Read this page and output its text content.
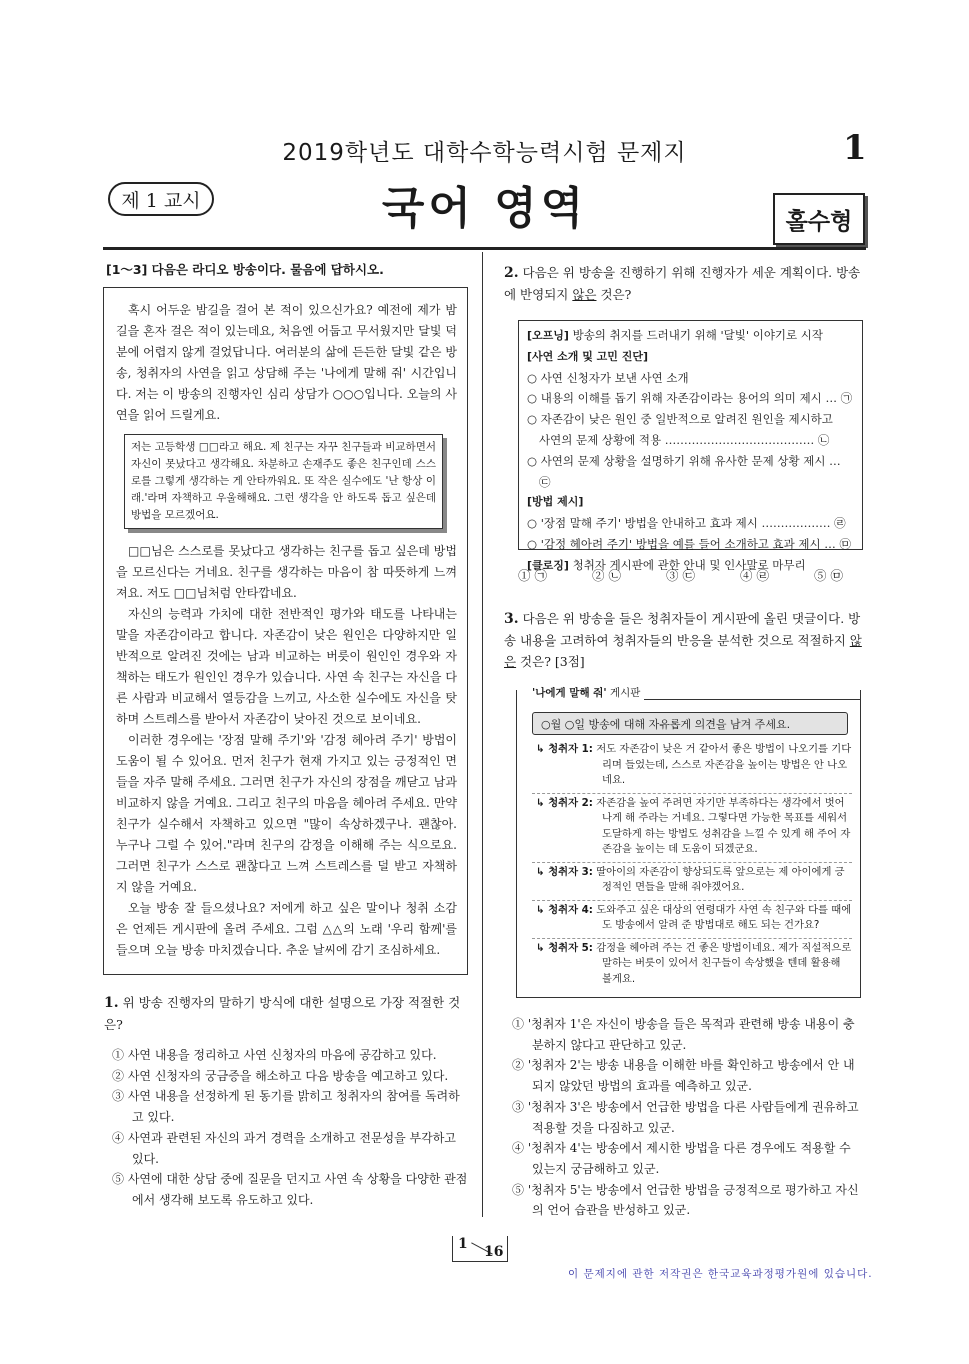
2019학년도 대학수학능력시험 문제지	1
제 1 교시	국어 영역	홀수형
[1～3] 다음은 라디오 방송이다. 물음에 답하시오.

혹시 어두운 밤길을 걸어 본 적이 있으신가요? 예전에 제가 밤길을 혼자 걸은 적이 있는데요, 처음엔 어둡고 무서웠지만 달빛 덕분에 어렵지 않게 걸었답니다. 여러분의 삶에 든든한 달빛 같은 방송, 청취자의 사연을 읽고 상담해 주는 '나에게 말해 줘' 시간입니다. 저는 이 방송의 진행자인 심리 상담가 ○○○입니다. 오늘의 사연을 읽어 드릴게요.

저는 고등학생 □□라고 해요. 제 친구는 자꾸 친구들과 비교하면서 자신이 못났다고 생각해요. 차분하고 손재주도 좋은 친구인데 스스로를 그렇게 생각하는 게 안타까워요. 또 작은 실수에도 '난 항상 이래.'라며 자책하고 우울해해요. 그런 생각을 안 하도록 돕고 싶은데 방법을 모르겠어요.

□□님은 스스로를 못났다고 생각하는 친구를 돕고 싶은데 방법을 모르신다는 거네요. 친구를 생각하는 마음이 참 따뜻하게 느껴져요. 저도 □□님처럼 안타깝네요.

자신의 능력과 가치에 대한 전반적인 평가와 태도를 나타내는 말을 자존감이라고 합니다. 자존감이 낮은 원인은 다양하지만 일반적으로 알려진 것에는 남과 비교하는 버릇이 원인인 경우와 자책하는 태도가 원인인 경우가 있습니다. 사연 속 친구는 자신을 다른 사람과 비교해서 열등감을 느끼고, 사소한 실수에도 자신을 탓하며 스트레스를 받아서 자존감이 낮아진 것으로 보이네요.

이러한 경우에는 '장점 말해 주기'와 '감정 헤아려 주기' 방법이 도움이 될 수 있어요. 먼저 친구가 현재 가지고 있는 긍정적인 면들을 자주 말해 주세요. 그러면 친구가 자신의 장점을 깨닫고 남과 비교하지 않을 거예요. 그리고 친구의 마음을 헤아려 주세요. 만약 친구가 실수해서 자책하고 있으면 "많이 속상하겠구나. 괜찮아. 누구나 그럴 수 있어."라며 친구의 감정을 이해해 주는 식으로요. 그러면 친구가 스스로 괜찮다고 느껴 스트레스를 덜 받고 자책하지 않을 거예요.

오늘 방송 잘 들으셨나요? 저에게 하고 싶은 말이나 청취 소감은 언제든 게시판에 올려 주세요. 그럼 △△의 노래 '우리 함께'를 들으며 오늘 방송 마치겠습니다. 추운 날씨에 감기 조심하세요.

1. 위 방송 진행자의 말하기 방식에 대한 설명으로 가장 적절한 것은?
① 사연 내용을 정리하고 사연 신청자의 마음에 공감하고 있다.
② 사연 신청자의 궁금증을 해소하고 다음 방송을 예고하고 있다.
③ 사연 내용을 선정하게 된 동기를 밝히고 청취자의 참여를 독려하고 있다.
④ 사연과 관련된 자신의 과거 경력을 소개하고 전문성을 부각하고 있다.
⑤ 사연에 대한 상담 중에 질문을 던지고 사연 속 상황을 다양한 관점에서 생각해 보도록 유도하고 있다.
2. 다음은 위 방송을 진행하기 위해 진행자가 세운 계획이다. 방송에 반영되지 않은 것은?
[오프닝] 방송의 취지를 드러내기 위해 '달빛' 이야기로 시작
[사연 소개 및 고민 진단]
○ 사연 신청자가 보낸 사연 소개
○ 내용의 이해를 돕기 위해 자존감이라는 용어의 의미 제시 … ㉠
○ 자존감이 낮은 원인 중 일반적으로 알려진 원인을 제시하고
사연의 문제 상황에 적용 ………………………………… ㉡
○ 사연의 문제 상황을 설명하기 위해 유사한 문제 상황 제시 … ㉢
[방법 제시]
○ '장점 말해 주기' 방법을 안내하고 효과 제시 ……………… ㉣
○ '감정 헤아려 주기' 방법을 예를 들어 소개하고 효과 제시 … ㉤
[클로징] 청취자 게시판에 관한 안내 및 인사말로 마무리
① ㉠	② ㉡	③ ㉢	④ ㉣	⑤ ㉤
3. 다음은 위 방송을 들은 청취자들이 게시판에 올린 댓글이다. 방송 내용을 고려하여 청취자들의 반응을 분석한 것으로 적절하지 않은 것은? [3점]
'나에게 말해 줘' 게시판
○월 ○일 방송에 대해 자유롭게 의견을 남겨 주세요.
↳ 청취자 1: 저도 자존감이 낮은 거 같아서 좋은 방법이 나오기를 기다리며 들었는데, 스스로 자존감을 높이는 방법은 안 나오네요.
↳ 청취자 2: 자존감을 높여 주려면 자기만 부족하다는 생각에서 벗어나게 해 주라는 거네요. 그렇다면 가능한 목표를 세워서 도달하게 하는 방법도 성취감을 느낄 수 있게 해 주어 자존감을 높이는 데 도움이 되겠군요.
↳ 청취자 3: 딸아이의 자존감이 향상되도록 앞으로는 제 아이에게 긍정적인 면들을 말해 줘야겠어요.
↳ 청취자 4: 도와주고 싶은 대상의 연령대가 사연 속 친구와 다를 때에도 방송에서 알려 준 방법대로 해도 되는 건가요?
↳ 청취자 5: 감정을 헤아려 주는 건 좋은 방법이네요. 제가 직설적으로 말하는 버릇이 있어서 친구들이 속상했을 텐데 활용해 볼게요.
① '청취자 1'은 자신이 방송을 들은 목적과 관련해 방송 내용이 충분하지 않다고 판단하고 있군.
② '청취자 2'는 방송 내용을 이해한 바를 확인하고 방송에서 안 내되지 않았던 방법의 효과를 예측하고 있군.
③ '청취자 3'은 방송에서 언급한 방법을 다른 사람들에게 권유하고 적용할 것을 다짐하고 있군.
④ '청취자 4'는 방송에서 제시한 방법을 다른 경우에도 적용할 수 있는지 궁금해하고 있군.
⑤ '청취자 5'는 방송에서 언급한 방법을 긍정적으로 평가하고 자신의 언어 습관을 반성하고 있군.
1 16
이 문제지에 관한 저작권은 한국교육과정평가원에 있습니다.
